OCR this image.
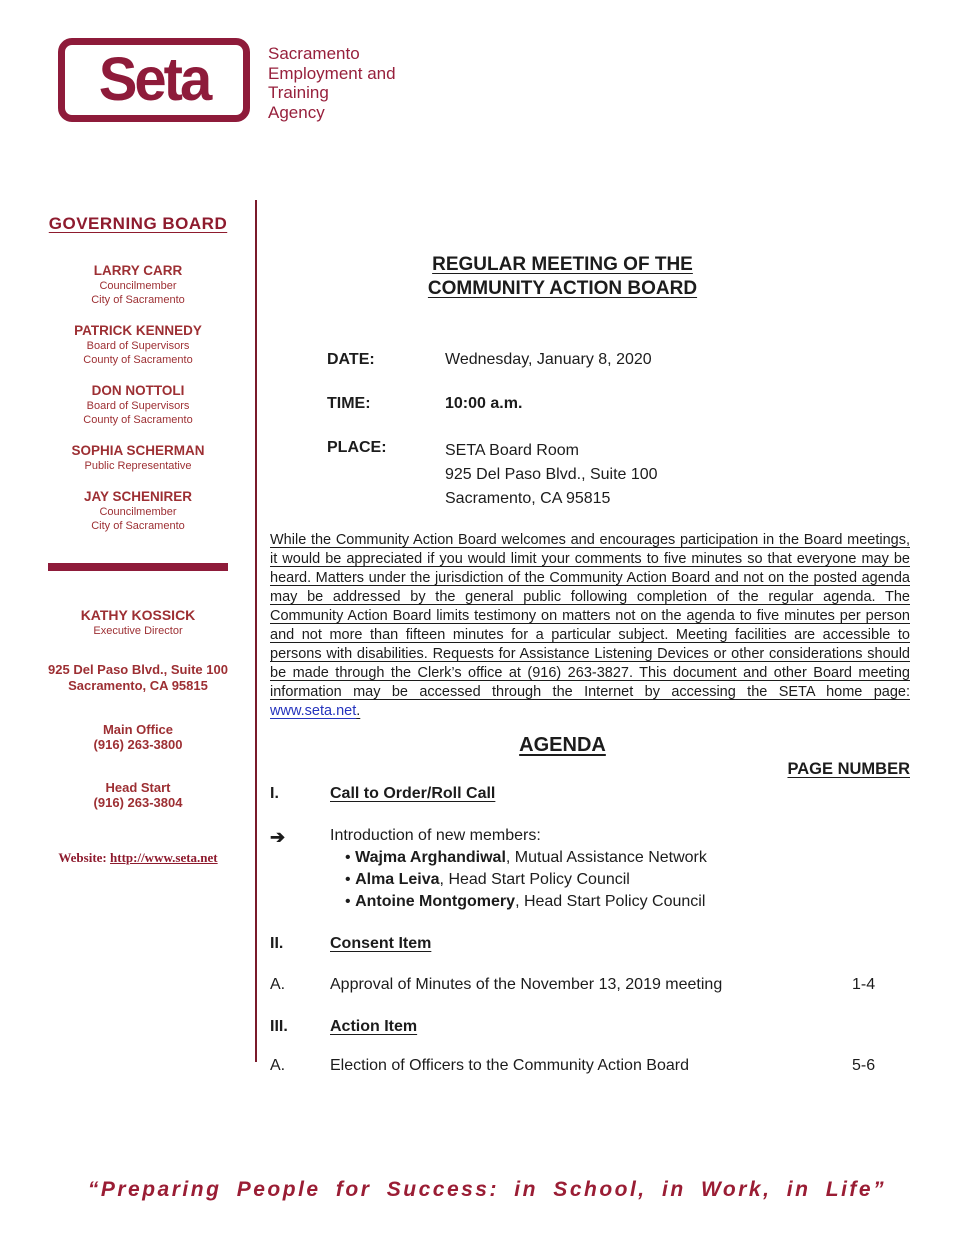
Seta	Sacramento
Employment and
Training
Agency
GOVERNING BOARD
LARRY CARR
Councilmember
City of Sacramento
PATRICK KENNEDY
Board of Supervisors
County of Sacramento
DON NOTTOLI
Board of Supervisors
County of Sacramento
SOPHIA SCHERMAN
Public Representative
JAY SCHENIRER
Councilmember
City of Sacramento
KATHY KOSSICK
Executive Director
925 Del Paso Blvd., Suite 100
Sacramento, CA 95815
Main Office
(916) 263-3800
Head Start
(916) 263-3804
Website: http://www.seta.net
REGULAR MEETING OF THE
COMMUNITY ACTION BOARD
DATE:	Wednesday, January 8, 2020
TIME:	10:00 a.m.
PLACE:	SETA Board Room
925 Del Paso Blvd., Suite 100
Sacramento, CA 95815

While the Community Action Board welcomes and encourages participation in the Board meetings, it would be appreciated if you would limit your comments to five minutes so that everyone may be heard. Matters under the jurisdiction of the Community Action Board and not on the posted agenda may be addressed by the general public following completion of the regular agenda. The Community Action Board limits testimony on matters not on the agenda to five minutes per person and not more than fifteen minutes for a particular subject. Meeting facilities are accessible to persons with disabilities. Requests for Assistance Listening Devices or other considerations should be made through the Clerk’s office at (916) 263-3827. This document and other Board meeting information may be accessed through the Internet by accessing the SETA home page: www.seta.net.

AGENDA
PAGE NUMBER
I.	Call to Order/Roll Call
➔	Introduction of new members:
• Wajma Arghandiwal, Mutual Assistance Network
• Alma Leiva, Head Start Policy Council
• Antoine Montgomery, Head Start Policy Council
II.	Consent Item
A.	Approval of Minutes of the November 13, 2019 meeting	1-4
III.	Action Item
A.	Election of Officers to the Community Action Board	5-6
“Preparing People for Success: in School, in Work, in Life”
